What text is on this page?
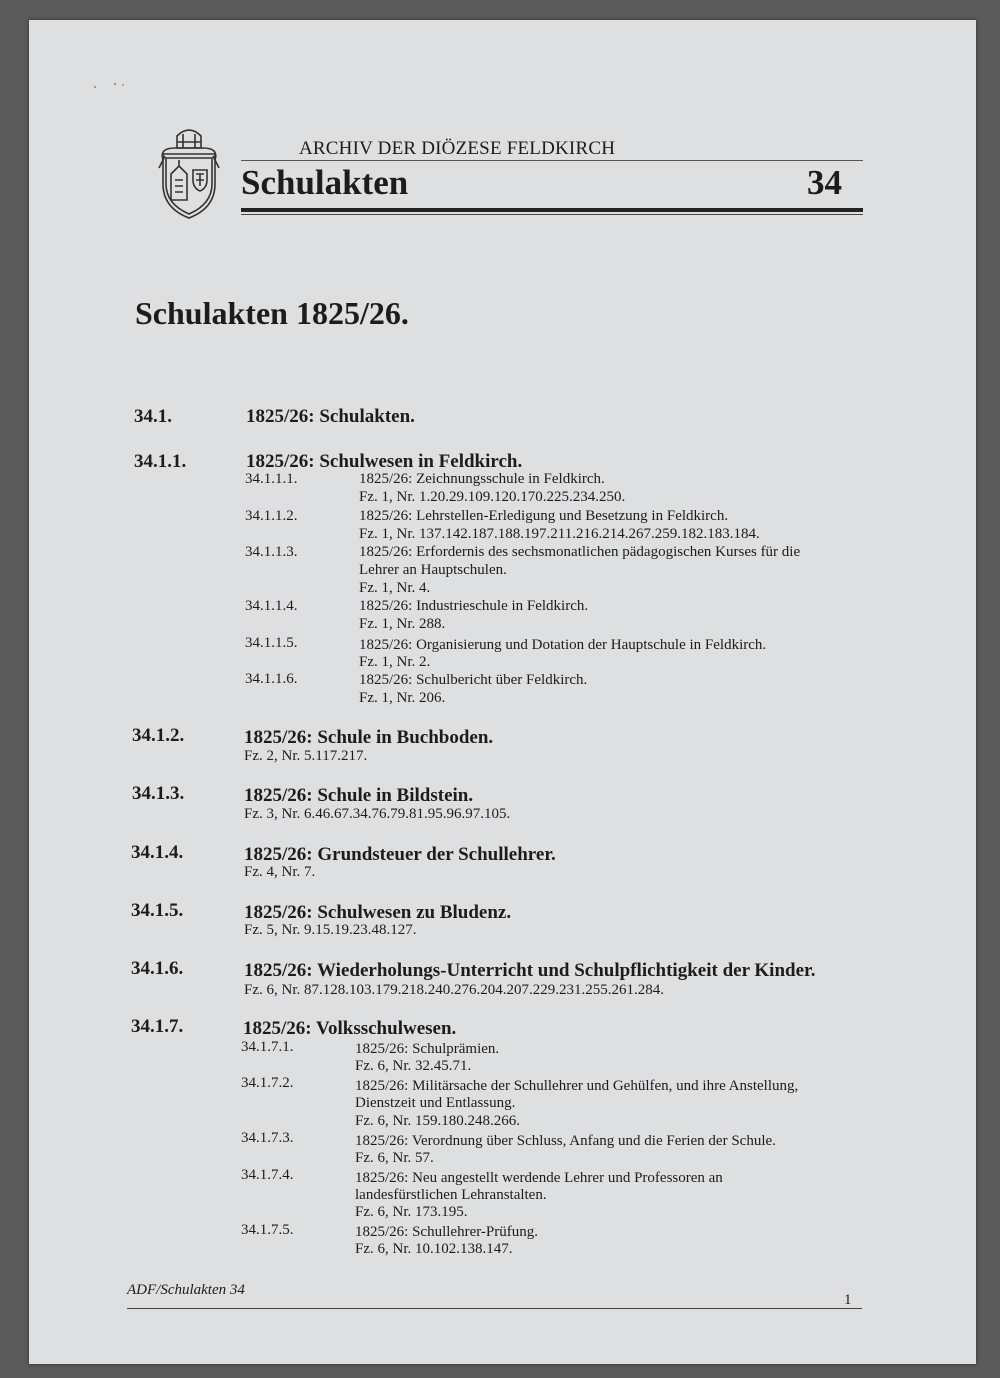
ARCHIV DER DIÖZESE FELDKIRCH
Schulakten	34
Schulakten 1825/26.
34.1.	1825/26: Schulakten.
34.1.1.	1825/26: Schulwesen in Feldkirch.
34.1.1.1.	1825/26: Zeichnungsschule in Feldkirch.
Fz. 1, Nr. 1.20.29.109.120.170.225.234.250.
34.1.1.2.	1825/26: Lehrstellen-Erledigung und Besetzung in Feldkirch.
Fz. 1, Nr. 137.142.187.188.197.211.216.214.267.259.182.183.184.
34.1.1.3.	1825/26: Erfordernis des sechsmonatlichen pädagogischen Kurses für die
Lehrer an Hauptschulen.
Fz. 1, Nr. 4.
34.1.1.4.	1825/26: Industrieschule in Feldkirch.
Fz. 1, Nr. 288.
34.1.1.5.	1825/26: Organisierung und Dotation der Hauptschule in Feldkirch.
Fz. 1, Nr. 2.
34.1.1.6.	1825/26: Schulbericht über Feldkirch.
Fz. 1, Nr. 206.
34.1.2.	1825/26: Schule in Buchboden.
Fz. 2, Nr. 5.117.217.
34.1.3.	1825/26: Schule in Bildstein.
Fz. 3, Nr. 6.46.67.34.76.79.81.95.96.97.105.
34.1.4.	1825/26: Grundsteuer der Schullehrer.
Fz. 4, Nr. 7.
34.1.5.	1825/26: Schulwesen zu Bludenz.
Fz. 5, Nr. 9.15.19.23.48.127.
34.1.6.	1825/26: Wiederholungs-Unterricht und Schulpflichtigkeit der Kinder.
Fz. 6, Nr. 87.128.103.179.218.240.276.204.207.229.231.255.261.284.
34.1.7.	1825/26: Volksschulwesen.
34.1.7.1.	1825/26: Schulprämien.
Fz. 6, Nr. 32.45.71.
34.1.7.2.	1825/26: Militärsache der Schullehrer und Gehülfen, und ihre Anstellung,
Dienstzeit und Entlassung.
Fz. 6, Nr. 159.180.248.266.
34.1.7.3.	1825/26: Verordnung über Schluss, Anfang und die Ferien der Schule.
Fz. 6, Nr. 57.
34.1.7.4.	1825/26: Neu angestellt werdende Lehrer und Professoren an
landesfürstlichen Lehranstalten.
Fz. 6, Nr. 173.195.
34.1.7.5.	1825/26: Schullehrer-Prüfung.
Fz. 6, Nr. 10.102.138.147.
ADF/Schulakten 34
1
